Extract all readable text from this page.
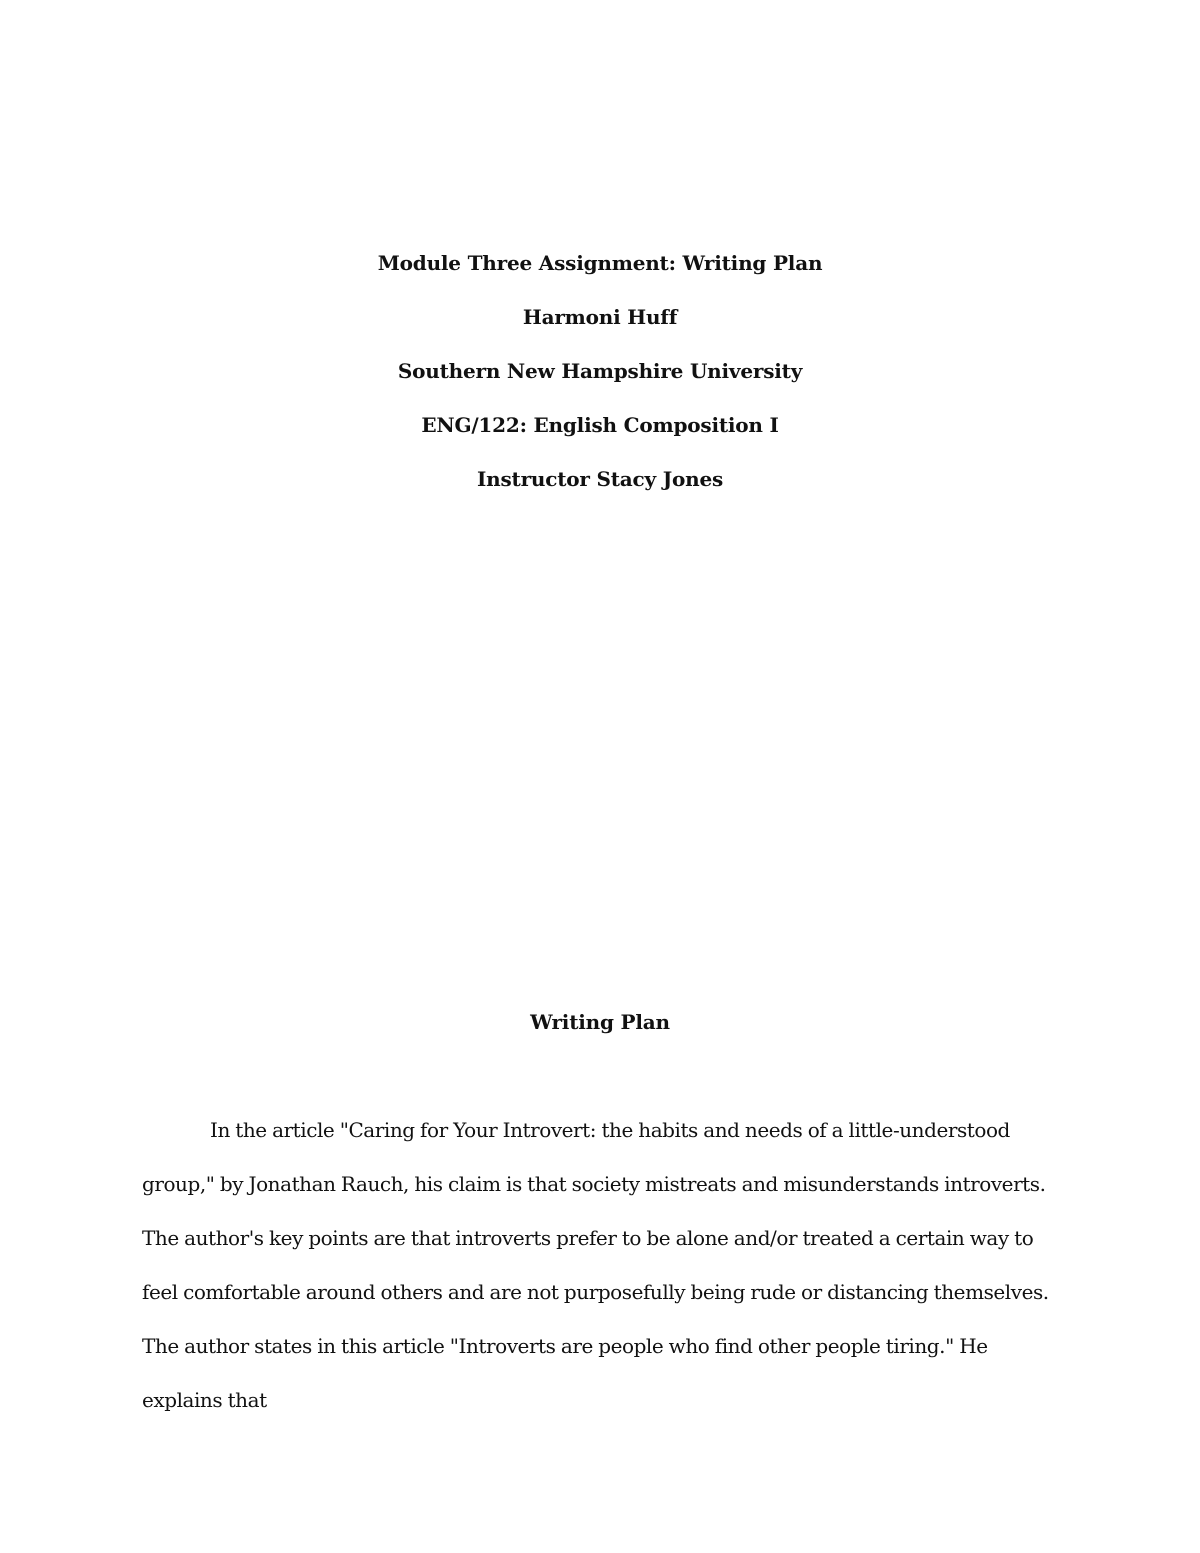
Module Three Assignment: Writing Plan
Harmoni Huff
Southern New Hampshire University
ENG/122: English Composition I
Instructor Stacy Jones
Writing Plan

In the article "Caring for Your Introvert: the habits and needs of a little-understood group," by Jonathan Rauch, his claim is that society mistreats and misunderstands introverts. The author's key points are that introverts prefer to be alone and/or treated a certain way to feel comfortable around others and are not purposefully being rude or distancing themselves. The author states in this article "Introverts are people who find other people tiring." He explains that
